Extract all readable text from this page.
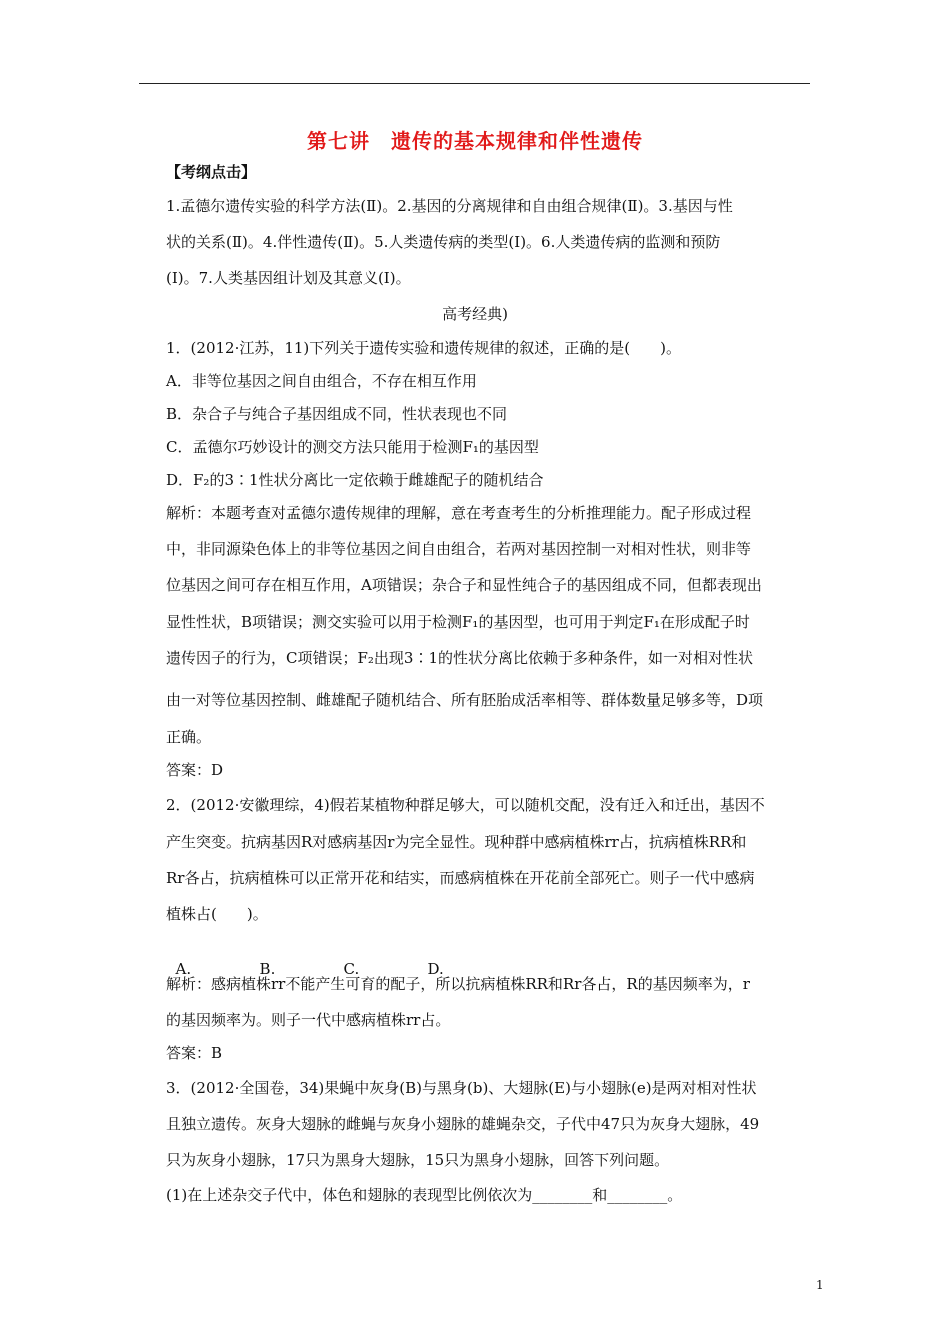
第七讲　遗传的基本规律和伴性遗传
【考纲点击】
1.孟德尔遗传实验的科学方法(Ⅱ)。2.基因的分离规律和自由组合规律(Ⅱ)。3.基因与性
状的关系(Ⅱ)。4.伴性遗传(Ⅱ)。5.人类遗传病的类型(Ⅰ)。6.人类遗传病的监测和预防
(Ⅰ)。7.人类基因组计划及其意义(Ⅰ)。
高考经典)
1．(2012·江苏，11)下列关于遗传实验和遗传规律的叙述，正确的是(　　)。
A．非等位基因之间自由组合，不存在相互作用
B．杂合子与纯合子基因组成不同，性状表现也不同
C．孟德尔巧妙设计的测交方法只能用于检测F₁的基因型
D．F₂的3∶1性状分离比一定依赖于雌雄配子的随机结合
解析：本题考查对孟德尔遗传规律的理解，意在考查考生的分析推理能力。配子形成过程
中，非同源染色体上的非等位基因之间自由组合，若两对基因控制一对相对性状，则非等
位基因之间可存在相互作用，A项错误；杂合子和显性纯合子的基因组成不同，但都表现出
显性性状，B项错误；测交实验可以用于检测F₁的基因型，也可用于判定F₁在形成配子时
遗传因子的行为，C项错误；F₂出现3∶1的性状分离比依赖于多种条件，如一对相对性状
由一对等位基因控制、雌雄配子随机结合、所有胚胎成活率相等、群体数量足够多等，D项
正确。
答案：D
2．(2012·安徽理综，4)假若某植物种群足够大，可以随机交配，没有迁入和迁出，基因不
产生突变。抗病基因R对感病基因r为完全显性。现种群中感病植株rr占，抗病植株RR和
Rr各占，抗病植株可以正常开花和结实，而感病植株在开花前全部死亡。则子一代中感病
植株占(　　)。

A.	B.	C.	D.

解析：感病植株rr不能产生可育的配子，所以抗病植株RR和Rr各占，R的基因频率为，r
的基因频率为。则子一代中感病植株rr占。
答案：B
3．(2012·全国卷，34)果蝇中灰身(B)与黑身(b)、大翅脉(E)与小翅脉(e)是两对相对性状
且独立遗传。灰身大翅脉的雌蝇与灰身小翅脉的雄蝇杂交，子代中47只为灰身大翅脉，49
只为灰身小翅脉，17只为黑身大翅脉，15只为黑身小翅脉，回答下列问题。
(1)在上述杂交子代中，体色和翅脉的表现型比例依次为________和________。
1
